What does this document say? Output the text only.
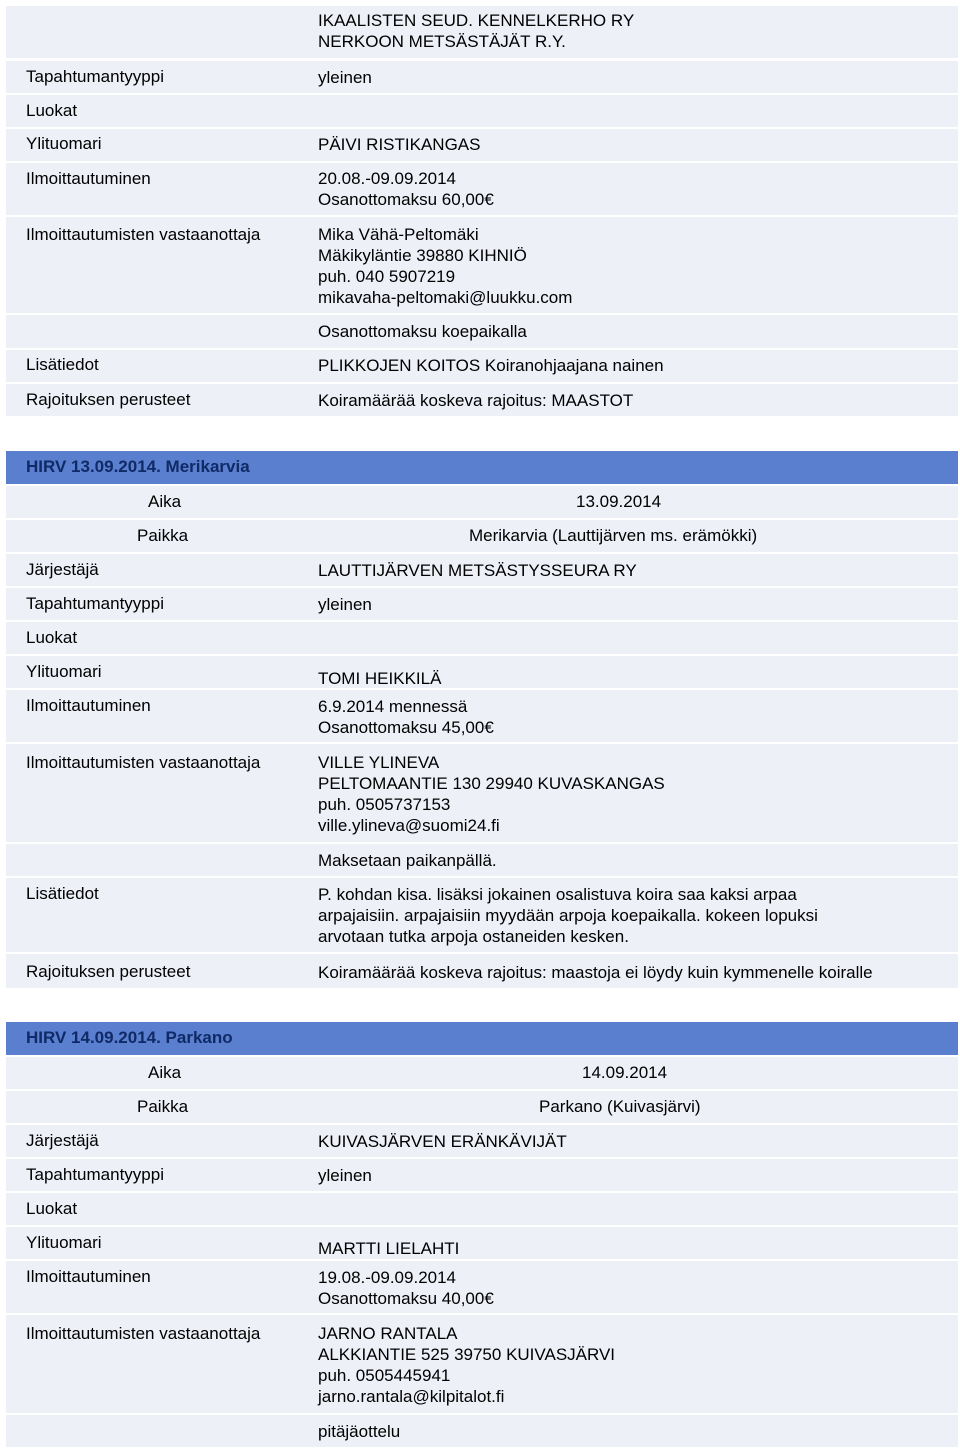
IKAALISTEN SEUD. KENNELKERHO RY
NERKOON METSÄSTÄJÄT R.Y.
Tapahtumantyyppi	yleinen
Luokat
Ylituomari	PÄIVI RISTIKANGAS
Ilmoittautuminen	20.08.-09.09.2014
Osanottomaksu 60,00€
Ilmoittautumisten vastaanottaja	Mika Vähä-Peltomäki
Mäkikyläntie 39880 KIHNIÖ
puh. 040 5907219
mikavaha-peltomaki@luukku.com
Osanottomaksu koepaikalla
Lisätiedot	PLIKKOJEN KOITOS Koiranohjaajana nainen
Rajoituksen perusteet	Koiramäärää koskeva rajoitus: MAASTOT
HIRV 13.09.2014. Merikarvia
Aika	13.09.2014
Paikka	Merikarvia (Lauttijärven ms. erämökki)
Järjestäjä	LAUTTIJÄRVEN METSÄSTYSSEURA RY
Tapahtumantyyppi	yleinen
Luokat
Ylituomari	TOMI HEIKKILÄ
Ilmoittautuminen	6.9.2014 mennessä
Osanottomaksu 45,00€
Ilmoittautumisten vastaanottaja	VILLE YLINEVA
PELTOMAANTIE 130 29940 KUVASKANGAS
puh. 0505737153
ville.ylineva@suomi24.fi
Maksetaan paikanpällä.
Lisätiedot	P. kohdan kisa. lisäksi jokainen osalistuva koira saa kaksi arpaa
arpajaisiin. arpajaisiin myydään arpoja koepaikalla. kokeen lopuksi
arvotaan tutka arpoja ostaneiden kesken.
Rajoituksen perusteet	Koiramäärää koskeva rajoitus: maastoja ei löydy kuin kymmenelle koiralle
HIRV 14.09.2014. Parkano
Aika	14.09.2014
Paikka	Parkano (Kuivasjärvi)
Järjestäjä	KUIVASJÄRVEN ERÄNKÄVIJÄT
Tapahtumantyyppi	yleinen
Luokat
Ylituomari	MARTTI LIELAHTI
Ilmoittautuminen	19.08.-09.09.2014
Osanottomaksu 40,00€
Ilmoittautumisten vastaanottaja	JARNO RANTALA
ALKKIANTIE 525 39750 KUIVASJÄRVI
puh. 0505445941
jarno.rantala@kilpitalot.fi
pitäjäottelu
